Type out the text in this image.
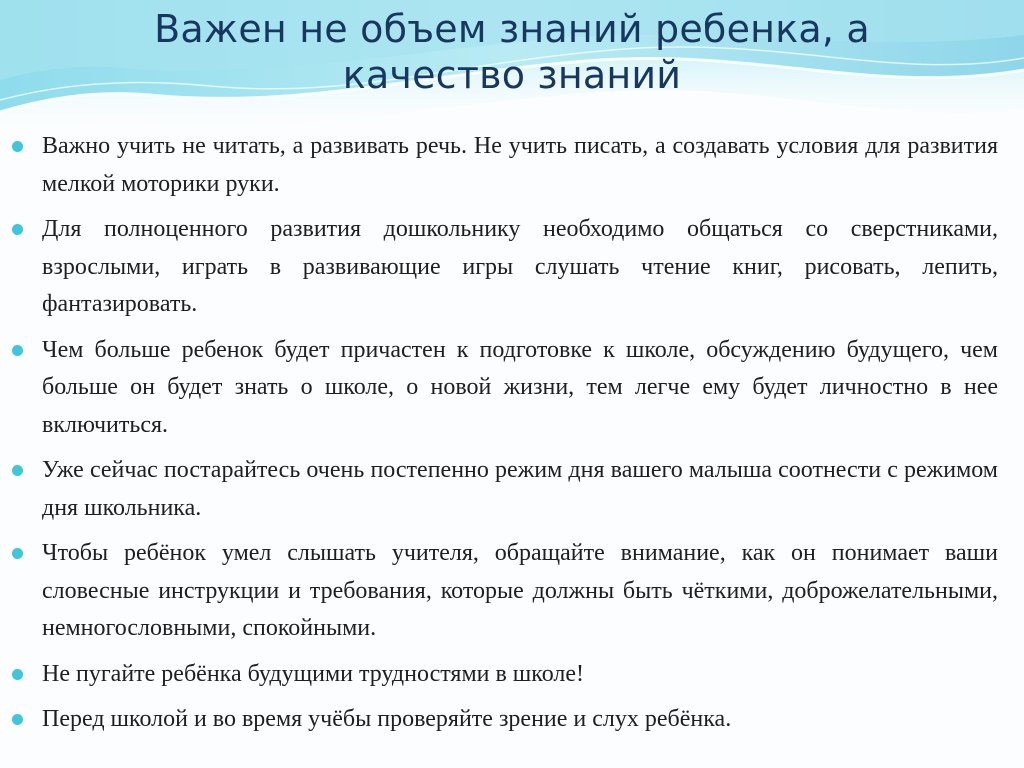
Важен не объем знаний ребенка, а
качество знаний
Важно учить не читать, а развивать речь. Не учить писать, а создавать условия для развития мелкой моторики руки.
Для полноценного развития дошкольнику необходимо общаться со сверстниками, взрослыми, играть в развивающие игры слушать чтение книг, рисовать, лепить, фантазировать.
Чем больше ребенок будет причастен к подготовке к школе, обсуждению будущего, чем больше он будет знать о школе, о новой жизни, тем легче ему будет личностно в нее включиться.
Уже сейчас постарайтесь очень постепенно режим дня вашего малыша соотнести с режимом дня школьника.
Чтобы ребёнок умел слышать учителя, обращайте внимание, как он понимает ваши словесные инструкции и требования, которые должны быть чёткими, доброжелательными, немногословными, спокойными.
Не пугайте ребёнка будущими трудностями в школе!
Перед школой и во время учёбы проверяйте зрение и слух ребёнка.
